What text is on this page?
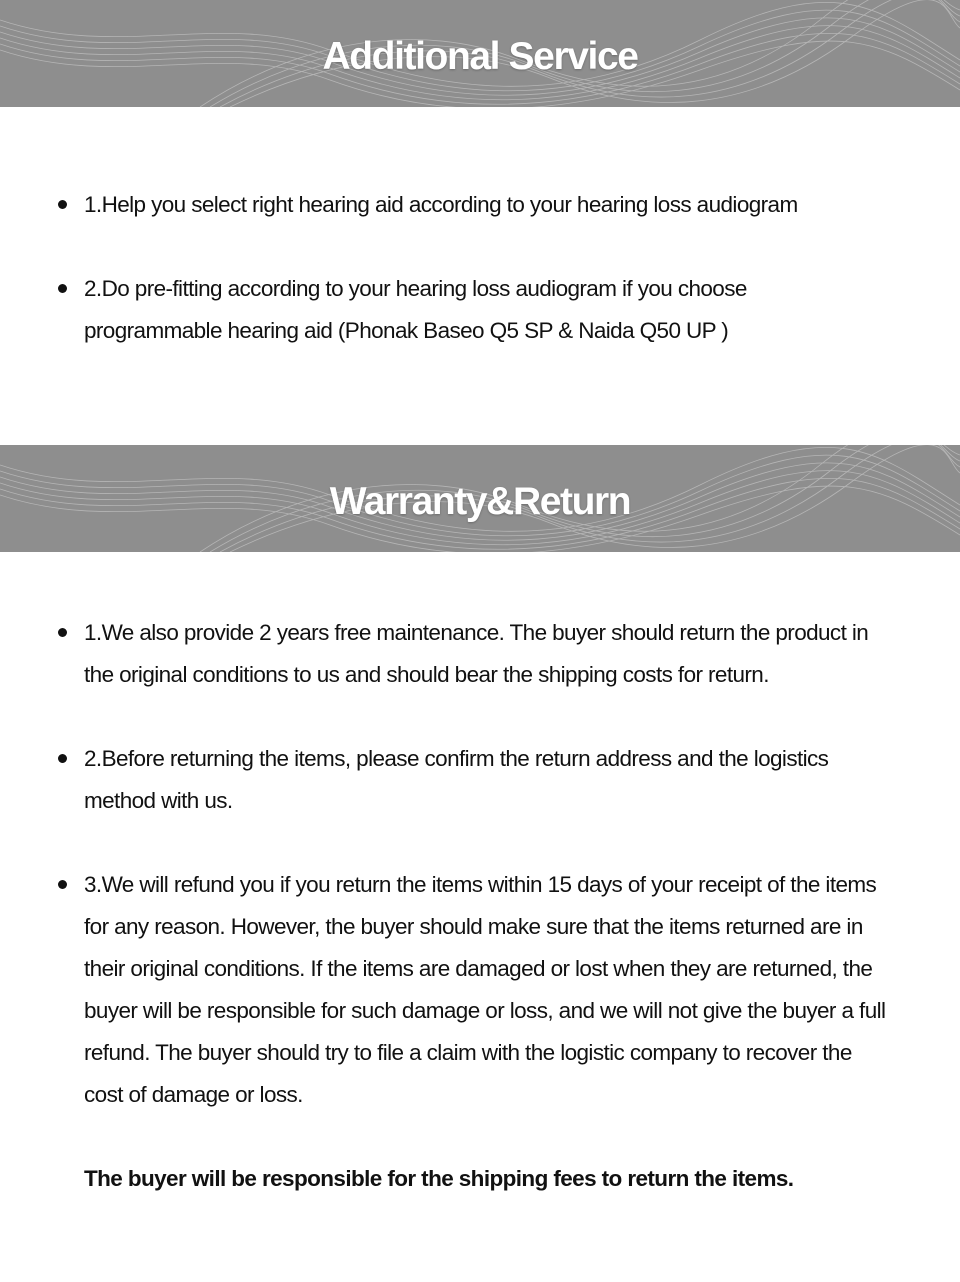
Additional Service
1.Help you select right hearing aid according to your hearing loss audiogram
2.Do pre-fitting according to your hearing loss audiogram if you choose programmable hearing aid (Phonak Baseo Q5 SP & Naida Q50 UP )
Warranty&Return
1.We also provide 2 years free maintenance. The buyer should return the product in the original conditions to us and should bear the shipping costs for return.
2.Before returning the items, please confirm the return address and the logistics method with us.
3.We will refund you if you return the items within 15 days of your receipt of the items for any reason. However, the buyer should make sure that the items returned are in their original conditions. If the items are damaged or lost when they are returned, the buyer will be responsible for such damage or loss, and we will not give the buyer a full refund. The buyer should try to file a claim with the logistic company to recover the cost of damage or loss.
The buyer will be responsible for the shipping fees to return the items.
